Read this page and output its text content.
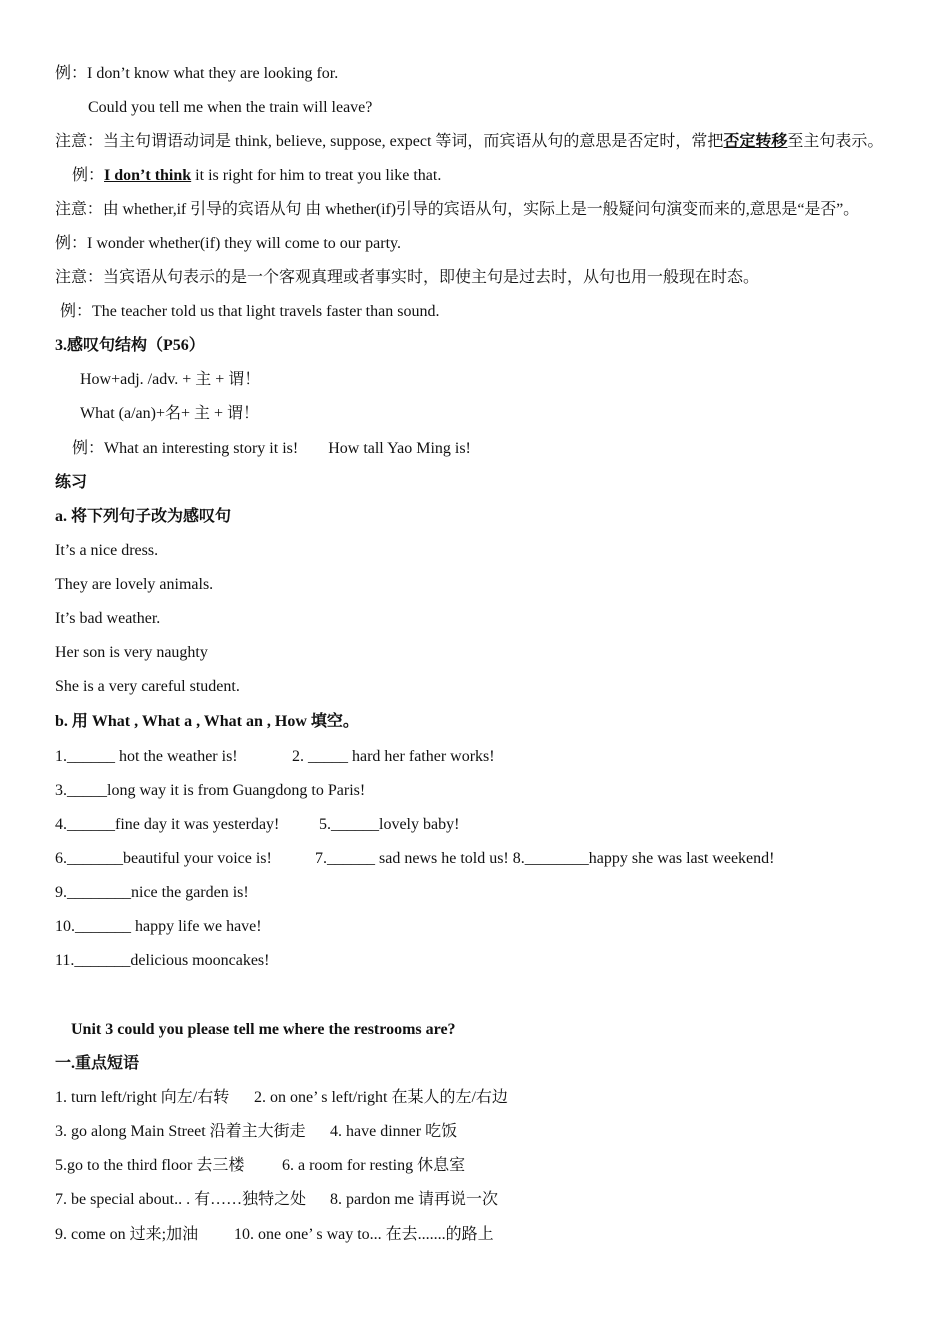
例：I don’t know what they are looking for.
Could you tell me when the train will leave?
注意：当主句谓语动词是 think, believe, suppose, expect 等词，而宾语从句的意思是否定时，常把否定转移至主句表示。
例：I don’t think it is right for him to treat you like that.
注意：由 whether,if 引导的宾语从句 由 whether(if)引导的宾语从句，实际上是一般疑问句演变而来的,意思是“是否”。
例：I wonder whether(if) they will come to our party.
注意：当宾语从句表示的是一个客观真理或者事实时，即使主句是过去时，从句也用一般现在时态。
例：The teacher told us that light travels faster than sound.
3.感叹句结构（P56）
How+adj. /adv. + 主 + 谓！
What (a/an)+名+ 主 + 谓！
例：What an interesting story it is! How tall Yao Ming is!
练习
a. 将下列句子改为感叹句
It’s a nice dress.
They are lovely animals.
It’s bad weather.
Her son is very naughty
She is a very careful student.
b. 用 What , What a , What an , How 填空。
1.______ hot the weather is!	2. _____ hard her father works!
3._____long way it is from Guangdong to Paris!
4.______fine day it was yesterday! 5.______lovely baby!
6._______beautiful your voice is!	7.______ sad news he told us! 8.________happy she was last weekend!
9.________nice the garden is!
10._______ happy life we have!
11._______delicious mooncakes!
Unit 3 could you please tell me where the restrooms are?
一.重点短语
1. turn left/right 向左/右转 2. on one’ s left/right 在某人的左/右边
3. go along Main Street 沿着主大街走 4. have dinner 吃饭
5.go to the third floor 去三楼 6. a room for resting 休息室
7. be special about.. . 有……独特之处 8. pardon me 请再说一次
9. come on 过来;加油 10. one one’ s way to... 在去.......的路上
